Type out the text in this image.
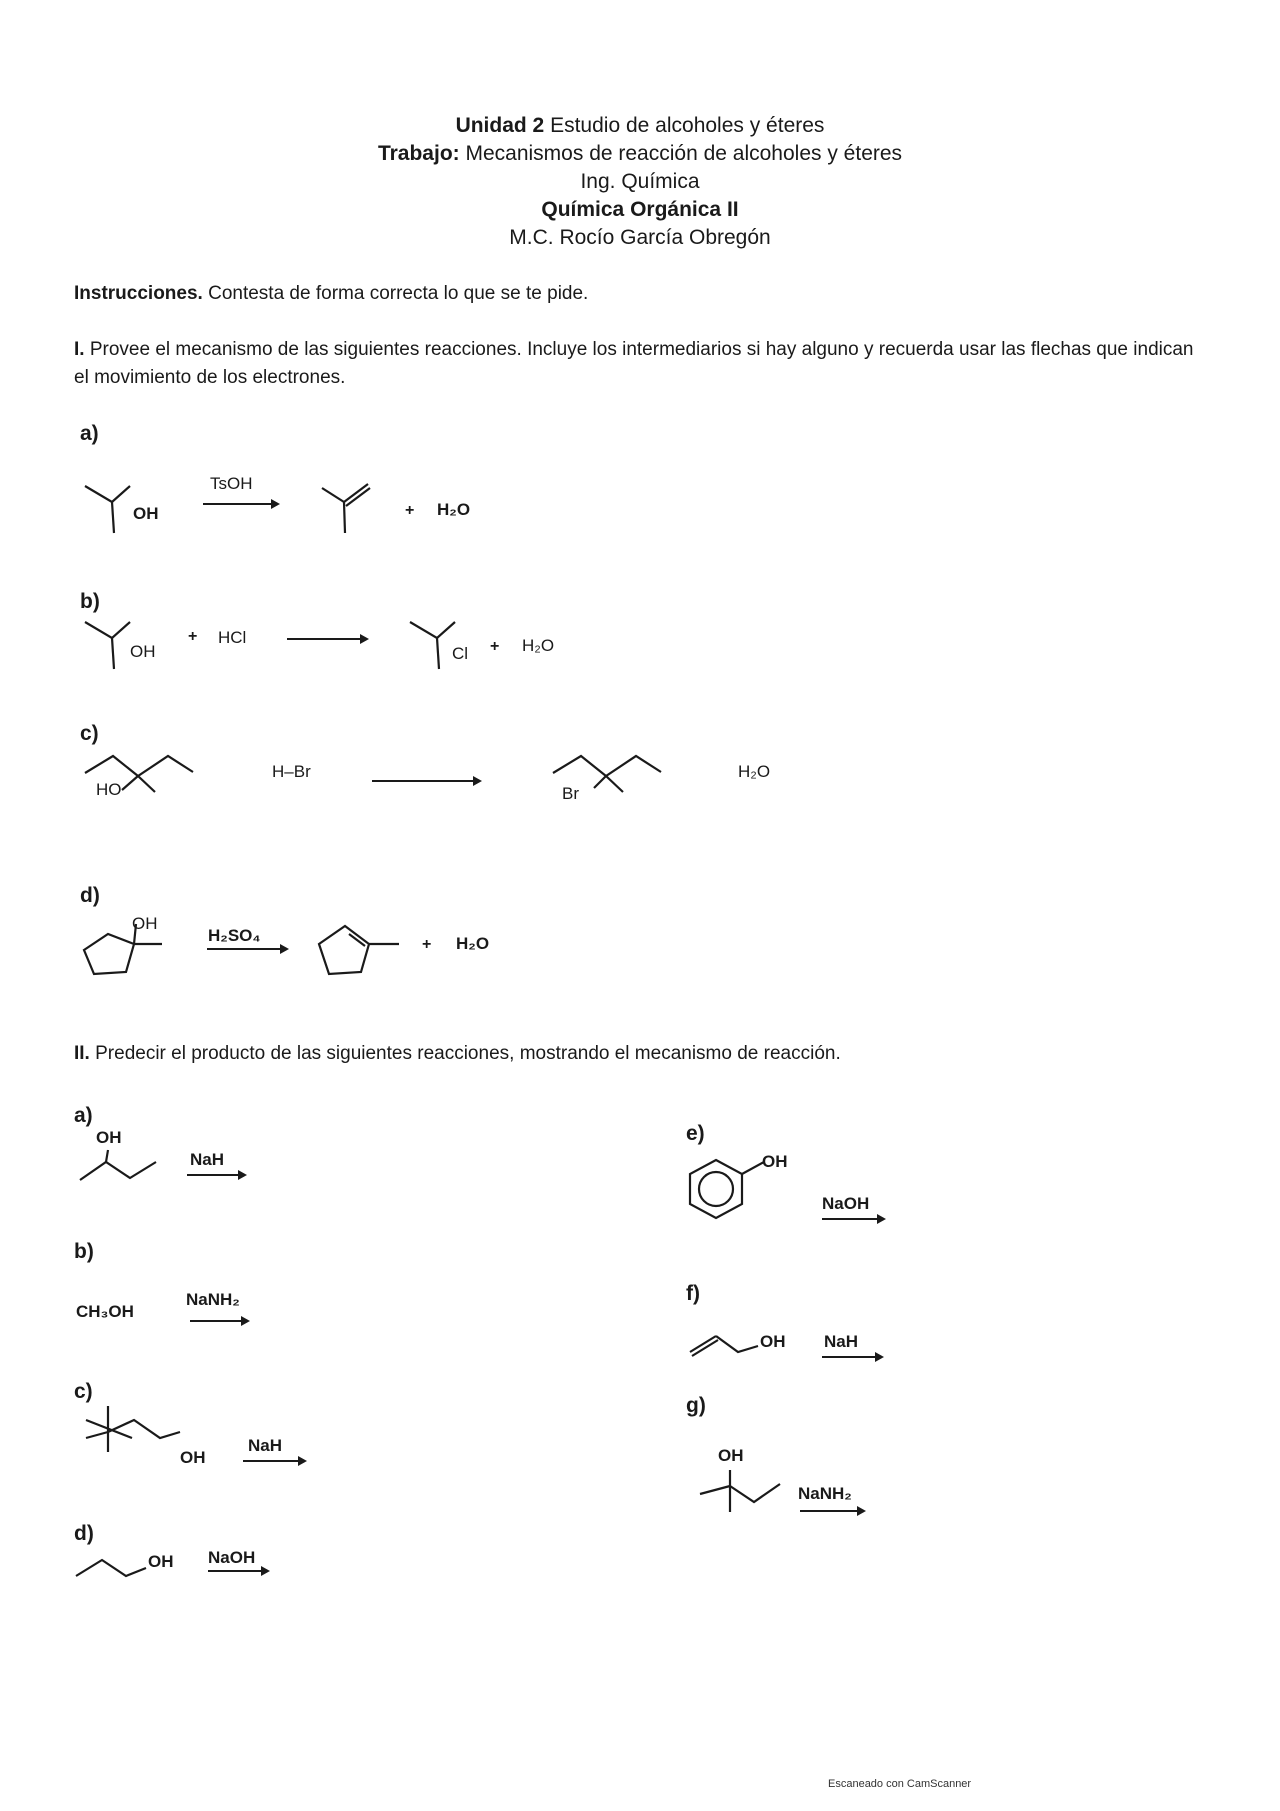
Unidad 2 Estudio de alcoholes y éteres
Trabajo: Mecanismos de reacción de alcoholes y éteres
Ing. Química
Química Orgánica II
M.C. Rocío García Obregón
Instrucciones. Contesta de forma correcta lo que se te pide.
I. Provee el mecanismo de las siguientes reacciones. Incluye los intermediarios si hay alguno y recuerda usar las flechas que indican el movimiento de los electrones.
a)
OH
TsOH
+ H₂O
b)
OH
+ HCl
Cl + H₂O
c)
HO
H–Br
Br
H₂O
d)
OH
H₂SO₄	+ H₂O
II. Predecir el producto de las siguientes reacciones, mostrando el mecanismo de reacción.
a)
OH
NaH
b)
CH₃OH
NaNH₂
c)
OH
NaH
d)
OH NaOH
e)
OH
NaOH
f)
OH NaH
g)
OH
NaNH₂
Escaneado con CamScanner
